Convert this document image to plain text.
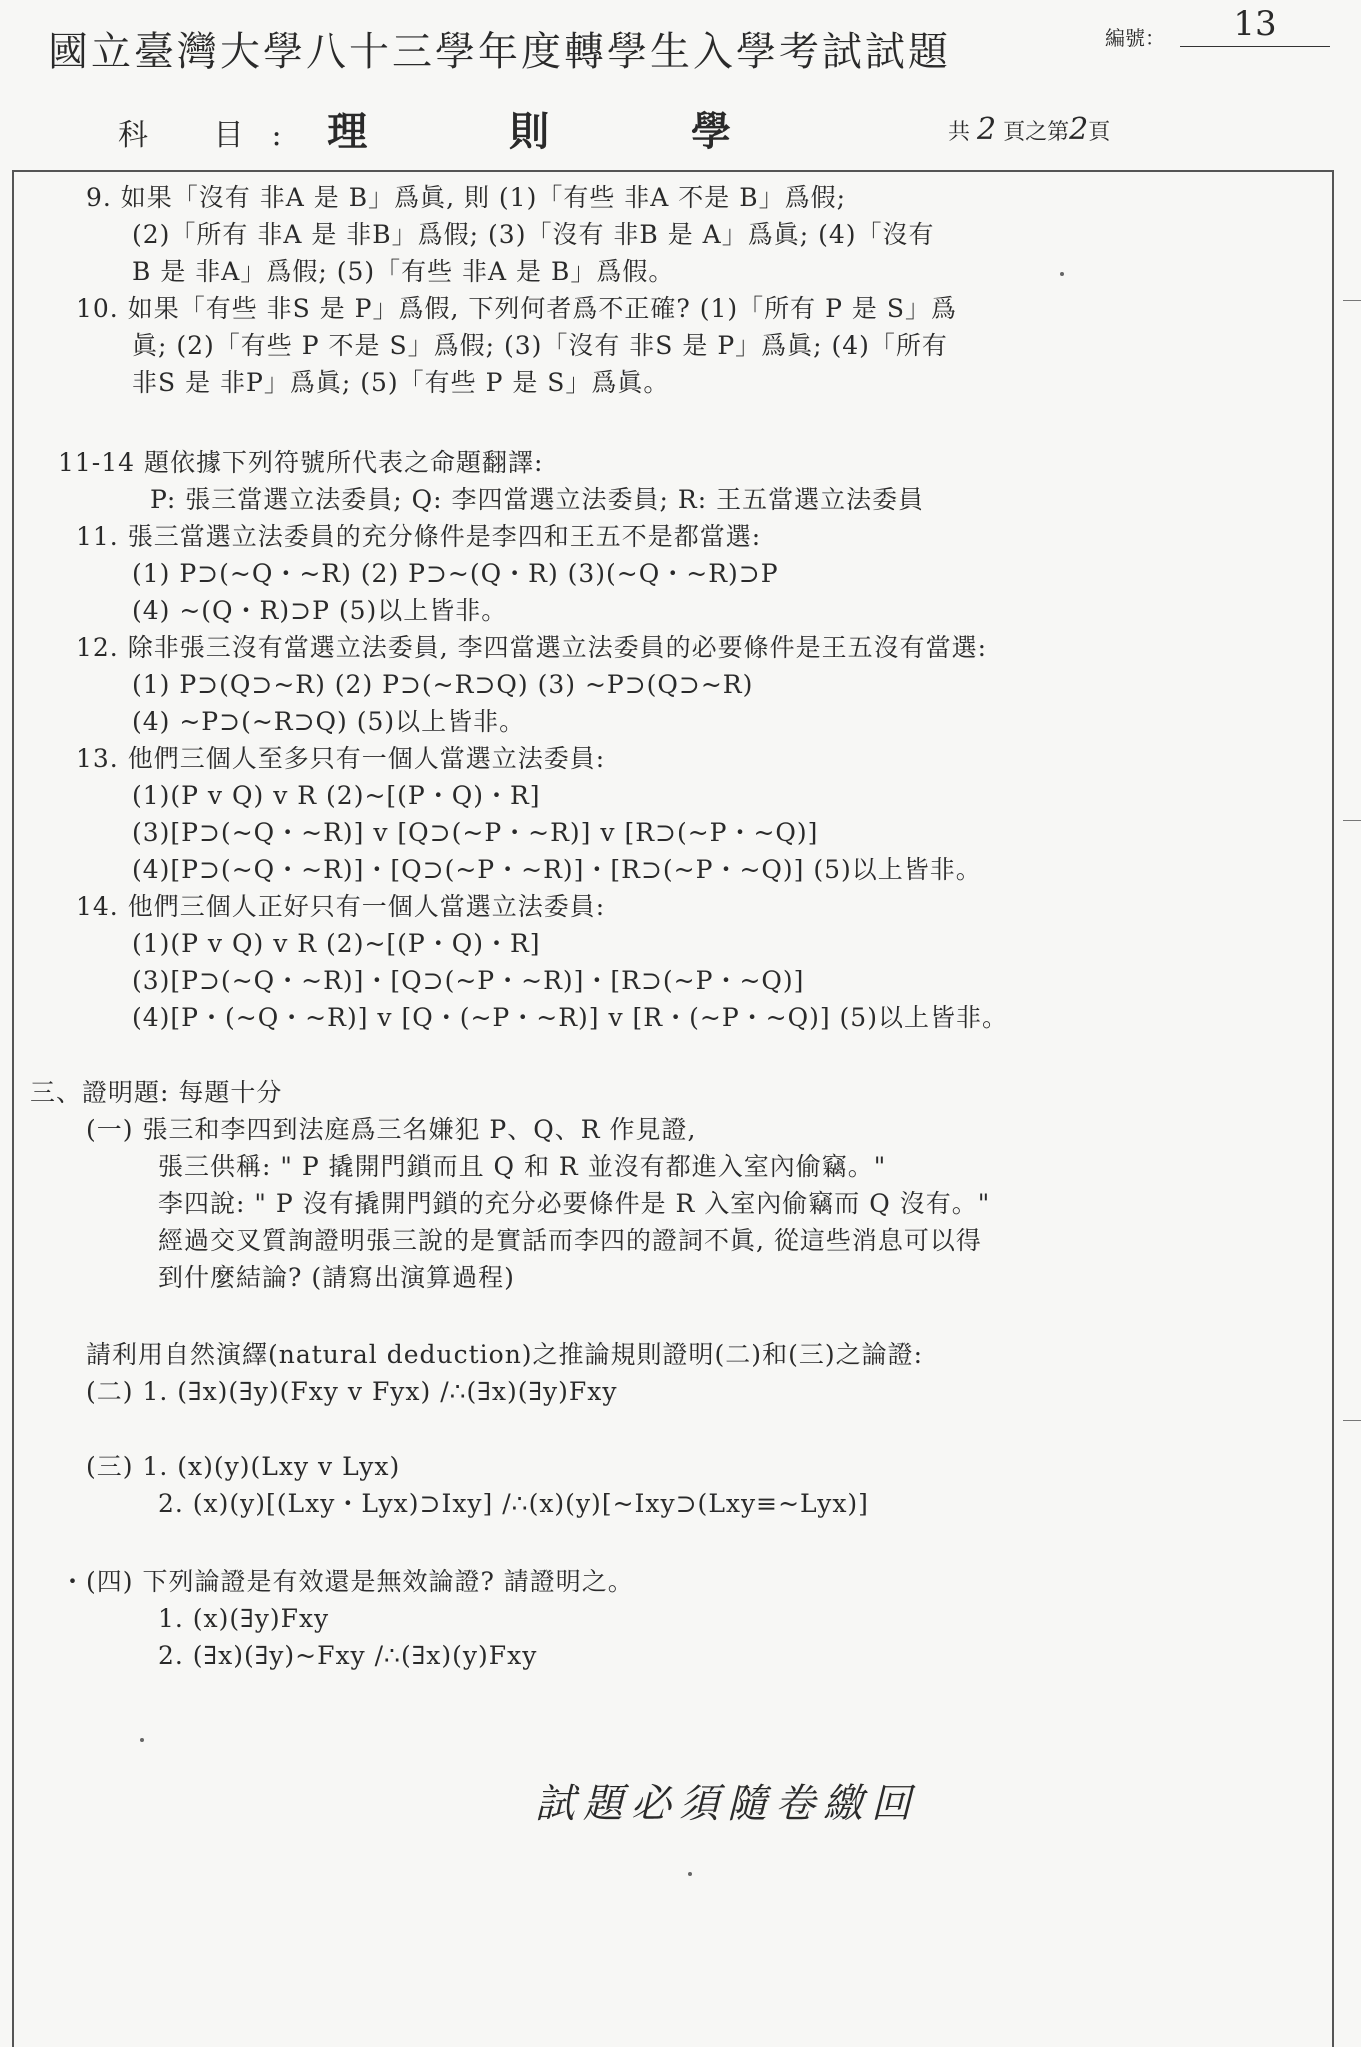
國立臺灣大學八十三學年度轉學生入學考試試題	編號：	13
科 目: 理 則 學	共 2 頁之第2頁
9. 如果「沒有 非A 是 B」爲眞, 則 (1)「有些 非A 不是 B」爲假;
(2)「所有 非A 是 非B」爲假; (3)「沒有 非B 是 A」爲眞; (4)「沒有
B 是 非A」爲假; (5)「有些 非A 是 B」爲假。
10. 如果「有些 非S 是 P」爲假, 下列何者爲不正確? (1)「所有 P 是 S」爲
眞; (2)「有些 P 不是 S」爲假; (3)「沒有 非S 是 P」爲眞; (4)「所有
非S 是 非P」爲眞; (5)「有些 P 是 S」爲眞。
11-14 題依據下列符號所代表之命題翻譯:
P: 張三當選立法委員; Q: 李四當選立法委員; R: 王五當選立法委員
11. 張三當選立法委員的充分條件是李四和王五不是都當選:
(1) P⊃(~Q・~R) (2) P⊃~(Q・R) (3)(~Q・~R)⊃P
(4) ~(Q・R)⊃P (5)以上皆非。
12. 除非張三沒有當選立法委員, 李四當選立法委員的必要條件是王五沒有當選:
(1) P⊃(Q⊃~R) (2) P⊃(~R⊃Q) (3) ~P⊃(Q⊃~R)
(4) ~P⊃(~R⊃Q) (5)以上皆非。
13. 他們三個人至多只有一個人當選立法委員:
(1)(P v Q) v R (2)~[(P・Q)・R]
(3)[P⊃(~Q・~R)] v [Q⊃(~P・~R)] v [R⊃(~P・~Q)]
(4)[P⊃(~Q・~R)]・[Q⊃(~P・~R)]・[R⊃(~P・~Q)] (5)以上皆非。
14. 他們三個人正好只有一個人當選立法委員:
(1)(P v Q) v R (2)~[(P・Q)・R]
(3)[P⊃(~Q・~R)]・[Q⊃(~P・~R)]・[R⊃(~P・~Q)]
(4)[P・(~Q・~R)] v [Q・(~P・~R)] v [R・(~P・~Q)] (5)以上皆非。
三、證明題: 每題十分
(一) 張三和李四到法庭爲三名嫌犯 P、Q、R 作見證,
張三供稱: " P 撬開門鎖而且 Q 和 R 並沒有都進入室內偷竊。"
李四說: " P 沒有撬開門鎖的充分必要條件是 R 入室內偷竊而 Q 沒有。"
經過交叉質詢證明張三說的是實話而李四的證詞不眞, 從這些消息可以得
到什麼結論? (請寫出演算過程)
請利用自然演繹(natural deduction)之推論規則證明(二)和(三)之論證:
(二) 1. (∃x)(∃y)(Fxy v Fyx) /∴(∃x)(∃y)Fxy
(三) 1. (x)(y)(Lxy v Lyx)
2. (x)(y)[(Lxy・Lyx)⊃Ixy] /∴(x)(y)[~Ixy⊃(Lxy≡~Lyx)]
・(四) 下列論證是有效還是無效論證? 請證明之。
1. (x)(∃y)Fxy
2. (∃x)(∃y)~Fxy /∴(∃x)(y)Fxy
試題必須隨卷繳回
